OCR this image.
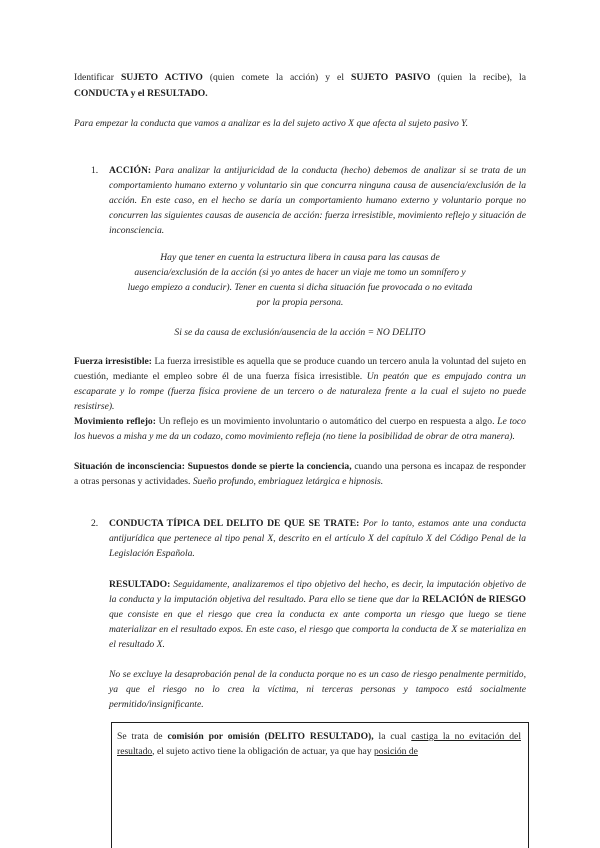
Identificar SUJETO ACTIVO (quien comete la acción) y el SUJETO PASIVO (quien la recibe), la

CONDUCTA y el RESULTADO.

Para empezar la conducta que vamos a analizar es la del sujeto activo X que afecta al sujeto pasivo Y.

1. ACCIÓN: Para analizar la antijuricidad de la conducta (hecho) debemos de analizar si se trata de un comportamiento humano externo y voluntario sin que concurra ninguna causa de ausencia/exclusión de la acción. En este caso, en el hecho se daría un comportamiento humano externo y voluntario porque no concurren las siguientes causas de ausencia de acción: fuerza irresistible, movimiento reflejo y situación de inconsciencia.

Hay que tener en cuenta la estructura libera in causa para las causas de ausencia/exclusión de la acción (si yo antes de hacer un viaje me tomo un somnífero y luego empiezo a conducir). Tener en cuenta si dicha situación fue provocada o no evitada por la propia persona.

Si se da causa de exclusión/ausencia de la acción = NO DELITO

Fuerza irresistible: La fuerza irresistible es aquella que se produce cuando un tercero anula la voluntad del sujeto en cuestión, mediante el empleo sobre él de una fuerza física irresistible. Un peatón que es empujado contra un escaparate y lo rompe (fuerza física proviene de un tercero o de naturaleza frente a la cual el sujeto no puede resistirse).

Movimiento reflejo: Un reflejo es un movimiento involuntario o automático del cuerpo en respuesta a algo. Le toco los huevos a misha y me da un codazo, como movimiento refleja (no tiene la posibilidad de obrar de otra manera).

Situación de inconsciencia: Supuestos donde se pierte la conciencia, cuando una persona es incapaz de responder a otras personas y actividades. Sueño profundo, embriaguez letárgica e hipnosis.

2. CONDUCTA TÍPICA DEL DELITO DE QUE SE TRATE: Por lo tanto, estamos ante una conducta antijurídica que pertenece al tipo penal X, descrito en el artículo X del capítulo X del Código Penal de la Legislación Española.

RESULTADO: Seguidamente, analizaremos el tipo objetivo del hecho, es decir, la imputación objetivo de la conducta y la imputación objetiva del resultado. Para ello se tiene que dar la RELACIÓN de RIESGO que consiste en que el riesgo que crea la conducta ex ante comporta un riesgo que luego se tiene materializar en el resultado expos. En este caso, el riesgo que comporta la conducta de X se materializa en el resultado X.

No se excluye la desaprobación penal de la conducta porque no es un caso de riesgo penalmente permitido, ya que el riesgo no lo crea la víctima, ni terceras personas y tampoco está socialmente permitido/insignificante.

Se trata de comisión por omisión (DELITO RESULTADO), la cual castiga la no evitación del resultado, el sujeto activo tiene la obligación de actuar, ya que hay posición de
